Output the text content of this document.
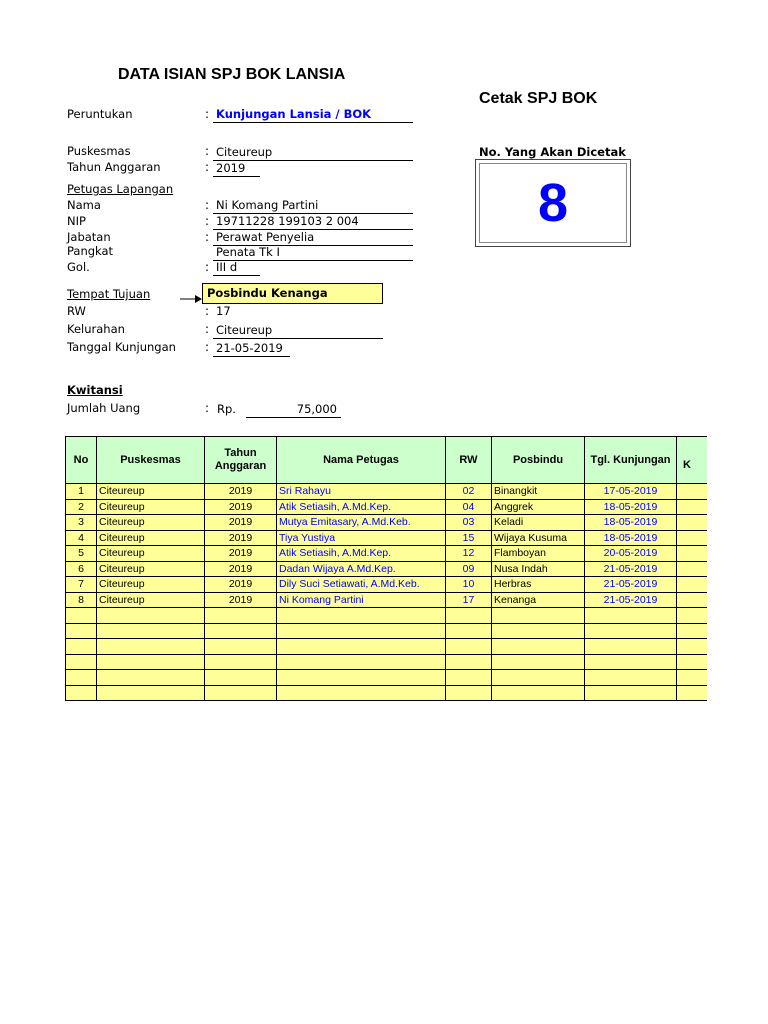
DATA ISIAN SPJ BOK LANSIA
Cetak SPJ BOK
Peruntukan	: Kunjungan Lansia / BOK
Puskesmas	: Citeureup
Tahun Anggaran	: 2019
Petugas Lapangan
Nama	: Ni Komang Partini
NIP	: 19711228 199103 2 004
Jabatan	: Perawat Penyelia
Pangkat	Penata Tk I
Gol.	: III d
Tempat Tujuan	Posbindu Kenanga
RW	: 17
Kelurahan	: Citeureup
Tanggal Kunjungan : 21-05-2019
Kwitansi
Jumlah Uang	: Rp.	75,000
No. Yang Akan Dicetak
8
No	Puskesmas	Tahun Anggaran	Nama Petugas	RW	Posbindu	Tgl. Kunjungan	K
1	Citeureup	2019	Sri Rahayu	02	Binangkit	17-05-2019	
2	Citeureup	2019	Atik Setiasih, A.Md.Kep.	04	Anggrek	18-05-2019	
3	Citeureup	2019	Mutya Emitasary, A.Md.Keb.	03	Keladi	18-05-2019	
4	Citeureup	2019	Tiya Yustiya	15	Wijaya Kusuma	18-05-2019	
5	Citeureup	2019	Atik Setiasih, A.Md.Kep.	12	Flamboyan	20-05-2019	
6	Citeureup	2019	Dadan Wijaya A.Md.Kep.	09	Nusa Indah	21-05-2019	
7	Citeureup	2019	Dily Suci Setiawati, A.Md.Keb.	10	Herbras	21-05-2019	
8	Citeureup	2019	Ni Komang Partini	17	Kenanga	21-05-2019	
